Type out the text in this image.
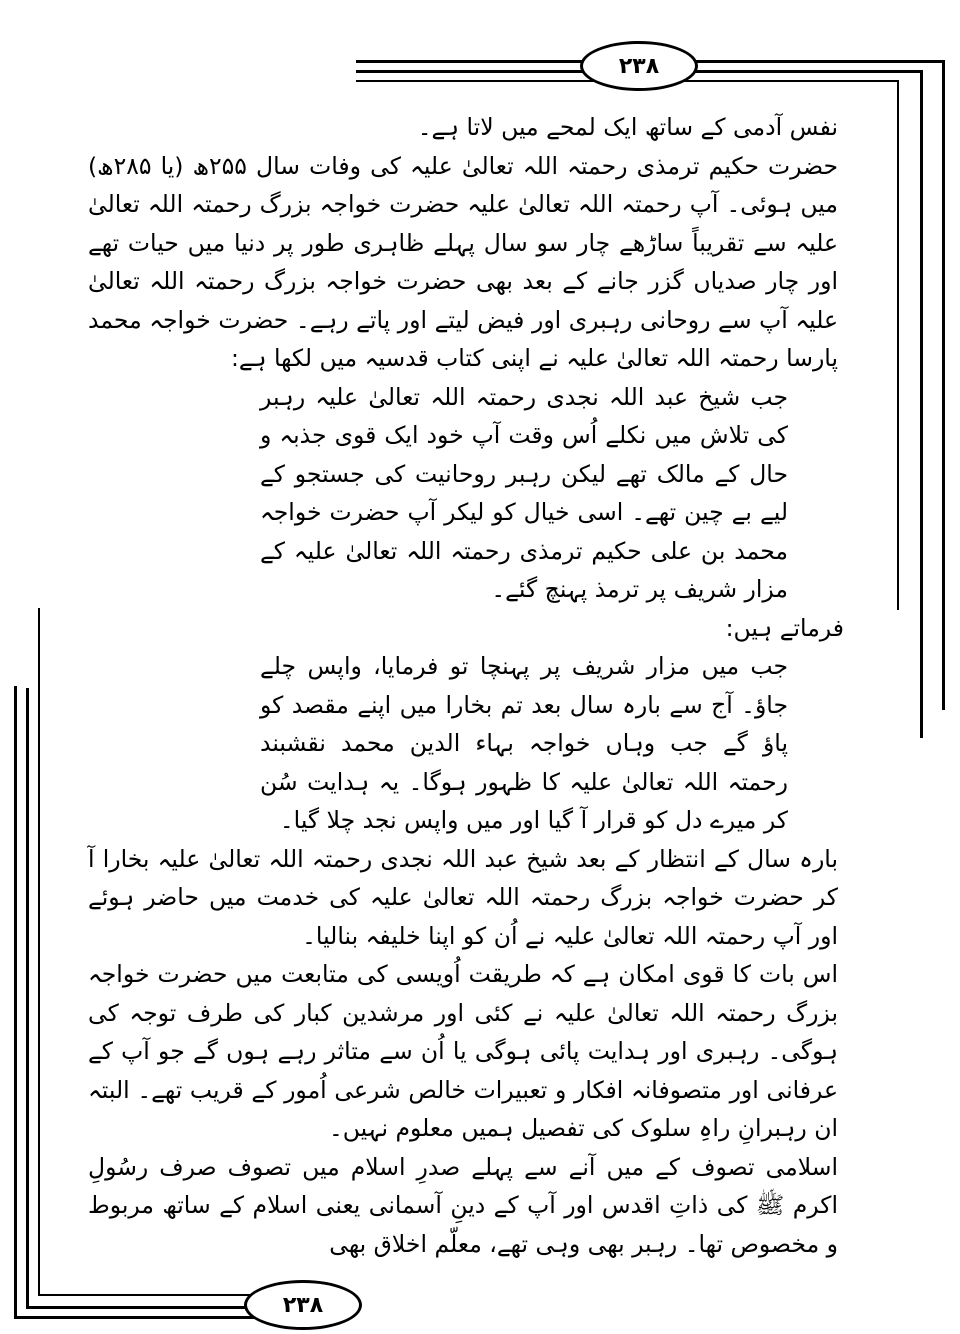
۲۳۸
۲۳۸

نفس آدمی کے ساتھ ایک لمحے میں لاتا ہے۔

حضرت حکیم ترمذی رحمتہ اللہ تعالیٰ علیہ کی وفات سال ۲۵۵ھ (یا ۲۸۵ھ) میں ہوئی۔ آپ رحمتہ اللہ تعالیٰ علیہ حضرت خواجہ بزرگ رحمتہ اللہ تعالیٰ علیہ سے تقریباً ساڑھے چار سو سال پہلے ظاہری طور پر دنیا میں حیات تھے اور چار صدیاں گزر جانے کے بعد بھی حضرت خواجہ بزرگ رحمتہ اللہ تعالیٰ علیہ آپ سے روحانی رہبری اور فیض لیتے اور پاتے رہے۔ حضرت خواجہ محمد پارسا رحمتہ اللہ تعالیٰ علیہ نے اپنی کتاب قدسیہ میں لکھا ہے:

جب شیخ عبد اللہ نجدی رحمتہ اللہ تعالیٰ علیہ رہبر کی تلاش میں نکلے اُس وقت آپ خود ایک قوی جذبہ و حال کے مالک تھے لیکن رہبر روحانیت کی جستجو کے لیے بے چین تھے۔ اسی خیال کو لیکر آپ حضرت خواجہ محمد بن علی حکیم ترمذی رحمتہ اللہ تعالیٰ علیہ کے مزار شریف پر ترمذ پہنچ گئے۔

فرماتے ہیں:

جب میں مزار شریف پر پہنچا تو فرمایا، واپس چلے جاؤ۔ آج سے بارہ سال بعد تم بخارا میں اپنے مقصد کو پاؤ گے جب وہاں خواجہ بہاء الدین محمد نقشبند رحمتہ اللہ تعالیٰ علیہ کا ظہور ہوگا۔ یہ ہدایت سُن کر میرے دل کو قرار آ گیا اور میں واپس نجد چلا گیا۔

بارہ سال کے انتظار کے بعد شیخ عبد اللہ نجدی رحمتہ اللہ تعالیٰ علیہ بخارا آ کر حضرت خواجہ بزرگ رحمتہ اللہ تعالیٰ علیہ کی خدمت میں حاضر ہوئے اور آپ رحمتہ اللہ تعالیٰ علیہ نے اُن کو اپنا خلیفہ بنالیا۔

اس بات کا قوی امکان ہے کہ طریقت اُویسی کی متابعت میں حضرت خواجہ بزرگ رحمتہ اللہ تعالیٰ علیہ نے کئی اور مرشدین کبار کی طرف توجہ کی ہوگی۔ رہبری اور ہدایت پائی ہوگی یا اُن سے متاثر رہے ہوں گے جو آپ کے عرفانی اور متصوفانہ افکار و تعبیرات خالص شرعی اُمور کے قریب تھے۔ البتہ ان رہبرانِ راہِ سلوک کی تفصیل ہمیں معلوم نہیں۔

اسلامی تصوف کے میں آنے سے پہلے صدرِ اسلام میں تصوف صرف رسُولِ اکرم ﷺ کی ذاتِ اقدس اور آپ کے دینِ آسمانی یعنی اسلام کے ساتھ مربوط و مخصوص تھا۔ رہبر بھی وہی تھے، معلّم اخلاق بھی
